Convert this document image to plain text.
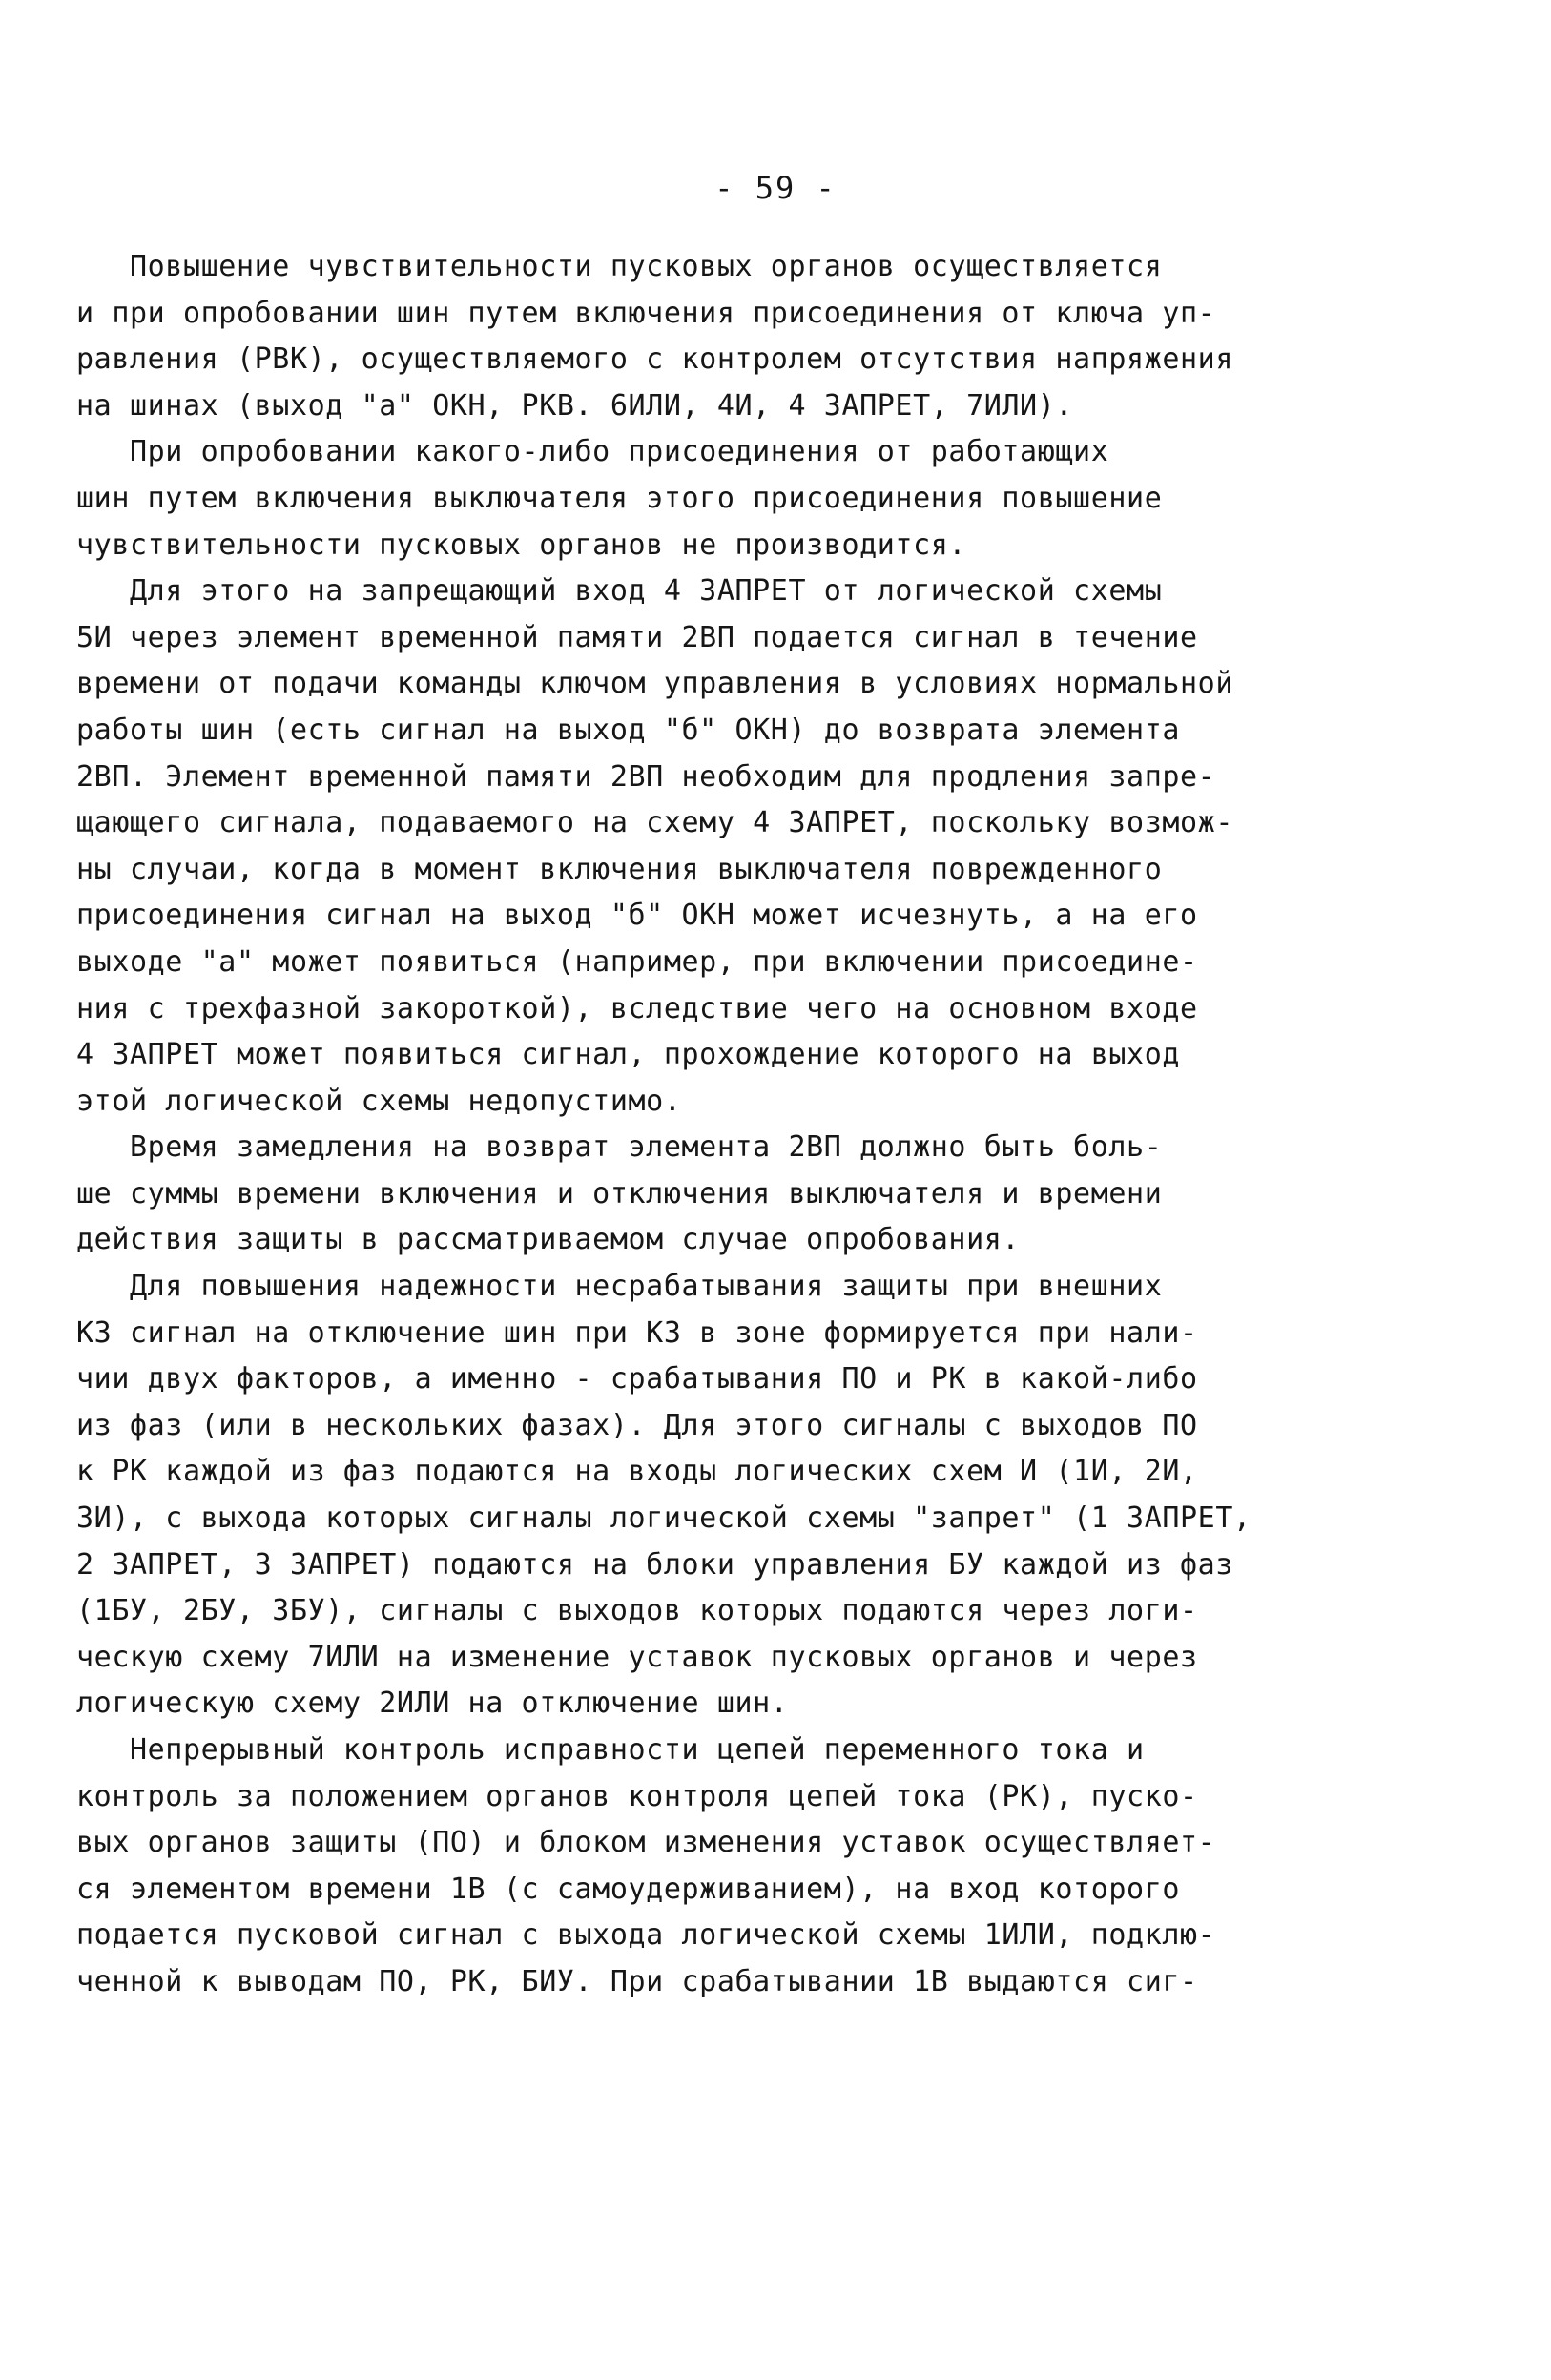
- 59 -
Повышение чувствительности пусковых органов осуществляется
и при опробовании шин путем включения присоединения от ключа уп-
равления (РВК), осуществляемого с контролем отсутствия напряжения
на шинах (выход "а" ОКН, РКВ. 6ИЛИ, 4И, 4 ЗАПРЕТ, 7ИЛИ).
При опробовании какого-либо присоединения от работающих
шин путем включения выключателя этого присоединения повышение
чувствительности пусковых органов не производится.
Для этого на запрещающий вход 4 ЗАПРЕТ от логической схемы
5И через элемент временной памяти 2ВП подается сигнал в течение
времени от подачи команды ключом управления в условиях нормальной
работы шин (есть сигнал на выход "б" ОКН) до возврата элемента
2ВП. Элемент временной памяти 2ВП необходим для продления запре-
щающего сигнала, подаваемого на схему 4 ЗАПРЕТ, поскольку возмож-
ны случаи, когда в момент включения выключателя поврежденного
присоединения сигнал на выход "б" ОКН может исчезнуть, а на его
выходе "а" может появиться (например, при включении присоедине-
ния с трехфазной закороткой), вследствие чего на основном входе
4 ЗАПРЕТ может появиться сигнал, прохождение которого на выход
этой логической схемы недопустимо.
Время замедления на возврат элемента 2ВП должно быть боль-
ше суммы времени включения и отключения выключателя и времени
действия защиты в рассматриваемом случае опробования.
Для повышения надежности несрабатывания защиты при внешних
КЗ сигнал на отключение шин при КЗ в зоне формируется при нали-
чии двух факторов, а именно - срабатывания ПО и РК в какой-либо
из фаз (или в нескольких фазах). Для этого сигналы с выходов ПО
к РК каждой из фаз подаются на входы логических схем И (1И, 2И,
3И), с выхода которых сигналы логической схемы "запрет" (1 ЗАПРЕТ,
2 ЗАПРЕТ, 3 ЗАПРЕТ) подаются на блоки управления БУ каждой из фаз
(1БУ, 2БУ, 3БУ), сигналы с выходов которых подаются через логи-
ческую схему 7ИЛИ на изменение уставок пусковых органов и через
логическую схему 2ИЛИ на отключение шин.
Непрерывный контроль исправности цепей переменного тока и
контроль за положением органов контроля цепей тока (РК), пуско-
вых органов защиты (ПО) и блоком изменения уставок осуществляет-
ся элементом времени 1В (с самоудерживанием), на вход которого
подается пусковой сигнал с выхода логической схемы 1ИЛИ, подклю-
ченной к выводам ПО, РК, БИУ. При срабатывании 1В выдаются сиг-
